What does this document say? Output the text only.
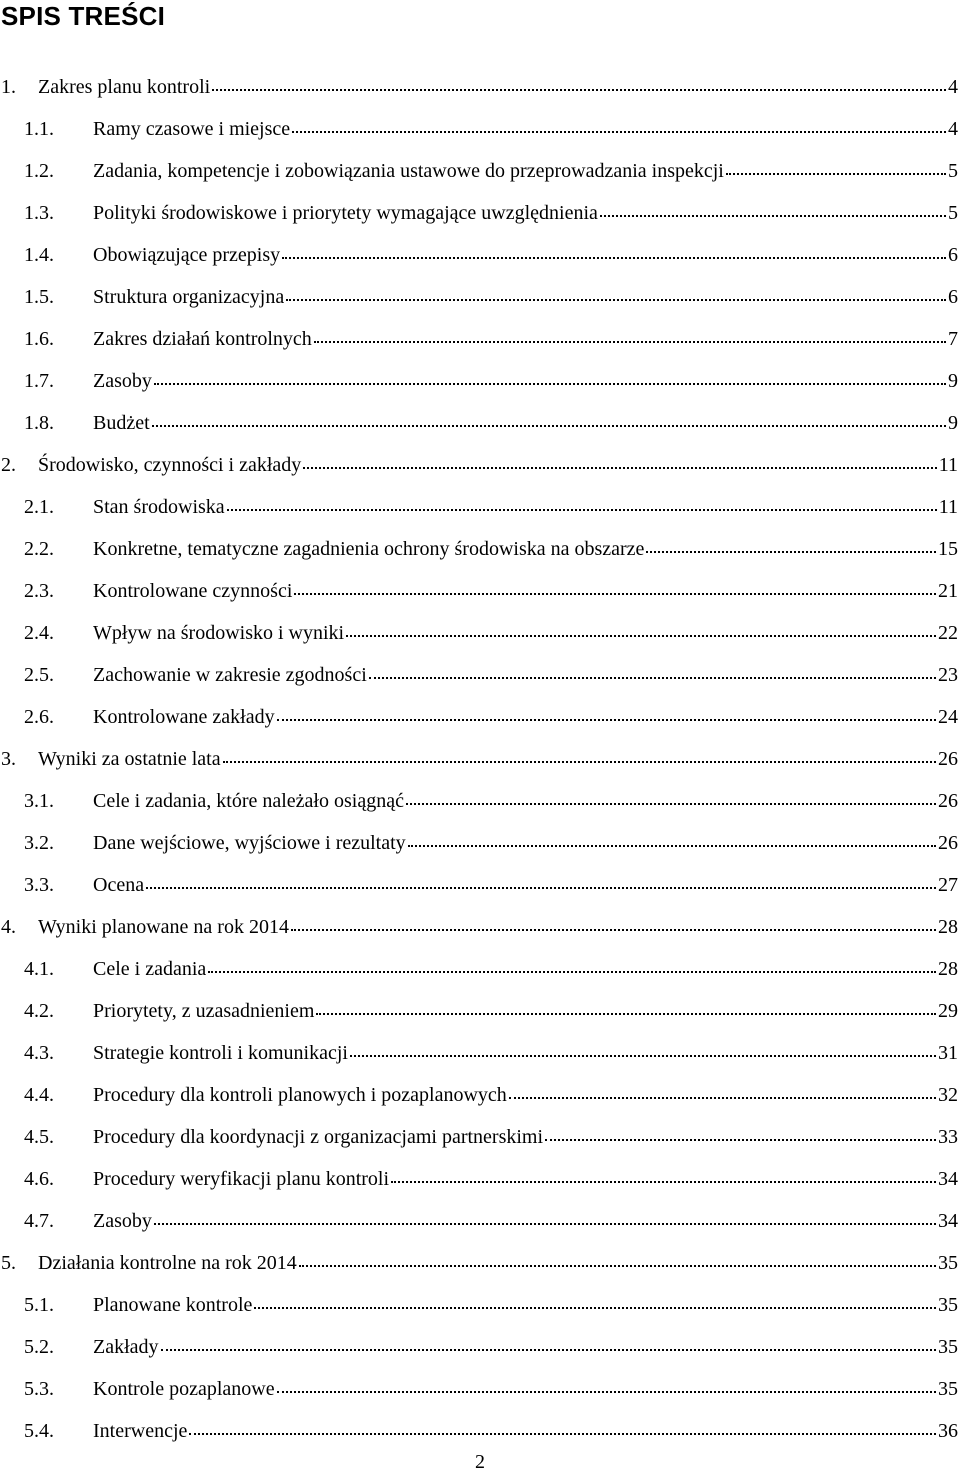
SPIS TREŚCI
1.	Zakres planu kontroli	4
1.1.	Ramy czasowe i miejsce	4
1.2.	Zadania, kompetencje i zobowiązania ustawowe do przeprowadzania inspekcji	5
1.3.	Polityki środowiskowe i priorytety wymagające uwzględnienia	5
1.4.	Obowiązujące przepisy	6
1.5.	Struktura organizacyjna	6
1.6.	Zakres działań kontrolnych	7
1.7.	Zasoby	9
1.8.	Budżet	9
2.	Środowisko, czynności i zakłady	11
2.1.	Stan środowiska	11
2.2.	Konkretne, tematyczne zagadnienia ochrony środowiska na obszarze	15
2.3.	Kontrolowane czynności	21
2.4.	Wpływ na środowisko i wyniki	22
2.5.	Zachowanie w zakresie zgodności	23
2.6.	Kontrolowane zakłady	24
3.	Wyniki za ostatnie lata	26
3.1.	Cele i zadania, które należało osiągnąć	26
3.2.	Dane wejściowe, wyjściowe i rezultaty	26
3.3.	Ocena	27
4.	Wyniki planowane na rok 2014	28
4.1.	Cele i zadania	28
4.2.	Priorytety, z uzasadnieniem	29
4.3.	Strategie kontroli i komunikacji	31
4.4.	Procedury dla kontroli planowych i pozaplanowych	32
4.5.	Procedury dla koordynacji z organizacjami partnerskimi	33
4.6.	Procedury weryfikacji planu kontroli	34
4.7.	Zasoby	34
5.	Działania kontrolne na rok 2014	35
5.1.	Planowane kontrole	35
5.2.	Zakłady	35
5.3.	Kontrole pozaplanowe	35
5.4.	Interwencje	36
2
